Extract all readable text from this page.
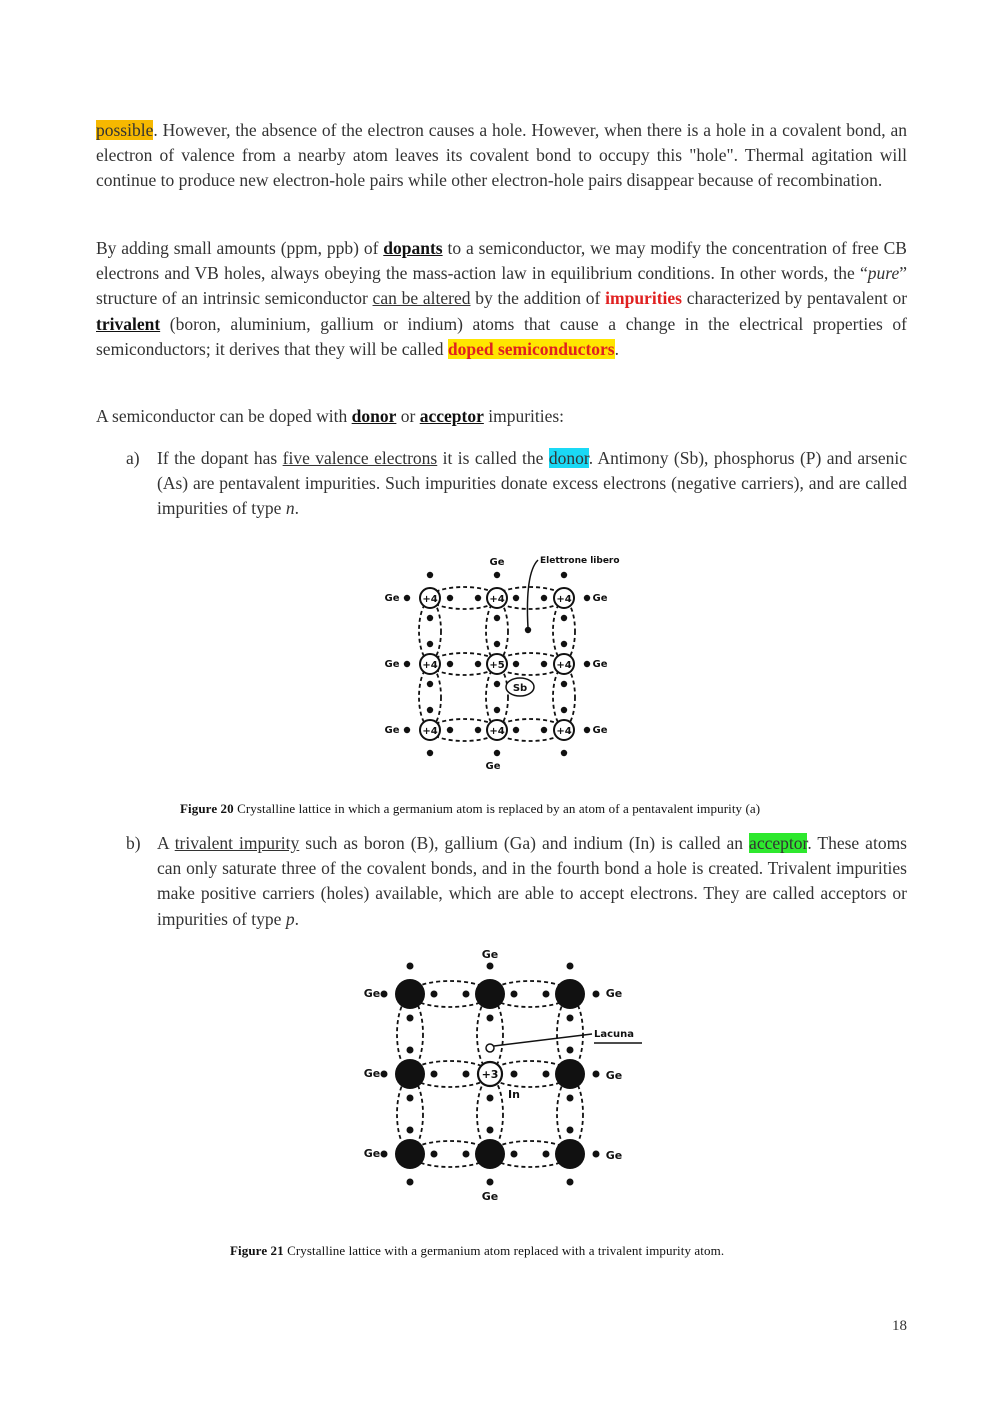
possible. However, the absence of the electron causes a hole. However, when there is a hole in a covalent bond, an electron of valence from a nearby atom leaves its covalent bond to occupy this "hole". Thermal agitation will continue to produce new electron-hole pairs while other electron-hole pairs disappear because of recombination.

By adding small amounts (ppm, ppb) of dopants to a semiconductor, we may modify the concentration of free CB electrons and VB holes, always obeying the mass-action law in equilibrium conditions. In other words, the “pure” structure of an intrinsic semiconductor can be altered by the addition of impurities characterized by pentavalent or trivalent (boron, aluminium, gallium or indium) atoms that cause a change in the electrical properties of semiconductors; it derives that they will be called doped semiconductors.

A semiconductor can be doped with donor or acceptor impurities:

a) If the dopant has five valence electrons it is called the donor. Antimony (Sb), phosphorus (P) and arsenic (As) are pentavalent impurities. Such impurities donate excess electrons (negative carriers), and are called impurities of type n.
+4	+4	+4
+4	+5	+4
+4	+4	+4
Sb
Ge
Ge
Ge
Ge
Ge
Ge
Ge
Ge
Elettrone libero
Figure 20 Crystalline lattice in which a germanium atom is replaced by an atom of a pentavalent impurity (a)
b) A trivalent impurity such as boron (B), gallium (Ga) and indium (In) is called an acceptor. These atoms can only saturate three of the covalent bonds, and in the fourth bond a hole is created. Trivalent impurities make positive carriers (holes) available, which are able to accept electrons. They are called acceptors or impurities of type p.
+3
In
Ge
Ge
Ge
Ge
Ge
Ge
Ge
Ge
Lacuna
Figure 21 Crystalline lattice with a germanium atom replaced with a trivalent impurity atom.
18
